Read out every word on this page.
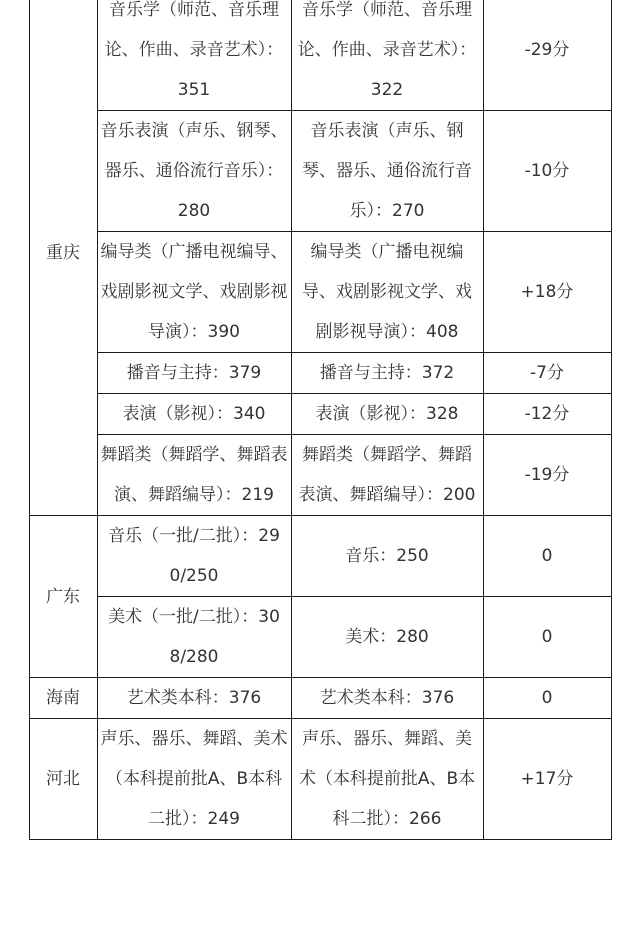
	重庆	音乐学（师范、音乐理论、作曲、录音艺术）：351	音乐学（师范、音乐理论、作曲、录音艺术）：322	-29分	
		音乐表演（声乐、钢琴、器乐、通俗流行音乐）：280	音乐表演（声乐、钢琴、器乐、通俗流行音乐）：270	-10分	
		编导类（广播电视编导、戏剧影视文学、戏剧影视导演）：390	编导类（广播电视编导、戏剧影视文学、戏剧影视导演）：408	+18分	
		播音与主持：379	播音与主持：372	-7分	
		表演（影视）：340	表演（影视）：328	-12分	
		舞蹈类（舞蹈学、舞蹈表演、舞蹈编导）：219	舞蹈类（舞蹈学、舞蹈表演、舞蹈编导）：200	-19分	
	广东	音乐（一批/二批）：290/250	音乐：250	0	
		美术（一批/二批）：308/280	美术：280	0	
	海南	艺术类本科：376	艺术类本科：376	0	
	河北	声乐、器乐、舞蹈、美术（本科提前批A、B本科二批）：249	声乐、器乐、舞蹈、美术（本科提前批A、B本科二批）：266	+17分	
